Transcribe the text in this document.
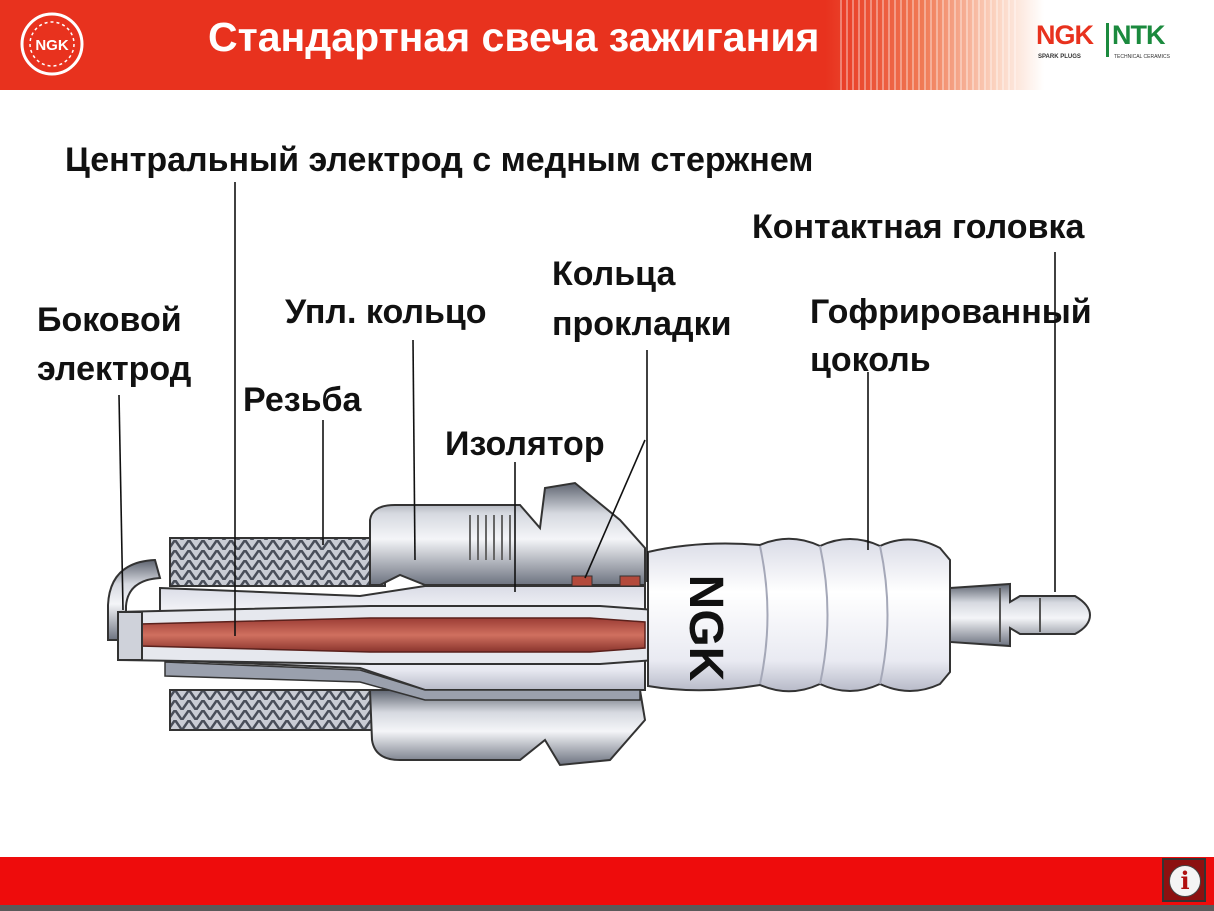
NGK	Стандартная свеча зажигания	NGK NTK
SPARK PLUGS	TECHNICAL CERAMICS
NGK
Центральный электрод с медным стержнем
Контактная головка
Кольца
прокладки Гофрированный
цоколь
Боковой
электрод
Упл. кольцо
Резьба
Изолятор
i
